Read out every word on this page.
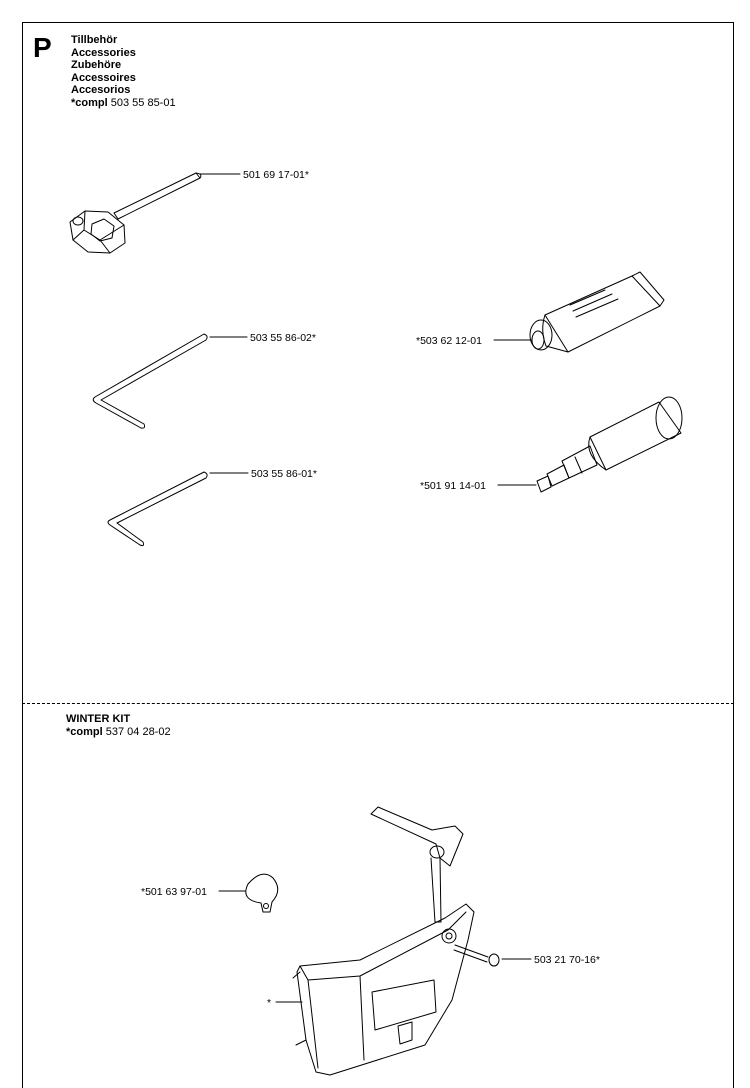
P Tillbehör
Accessories
Zubehöre
Accessoires
Accesorios
*compl 503 55 85-01
WINTER KIT
*compl 537 04 28-02
501 69 17-01*
503 55 86-02*
503 55 86-01*
*503 62 12-01
*501 91 14-01
*501 63 97-01
503 21 70-16*
*
